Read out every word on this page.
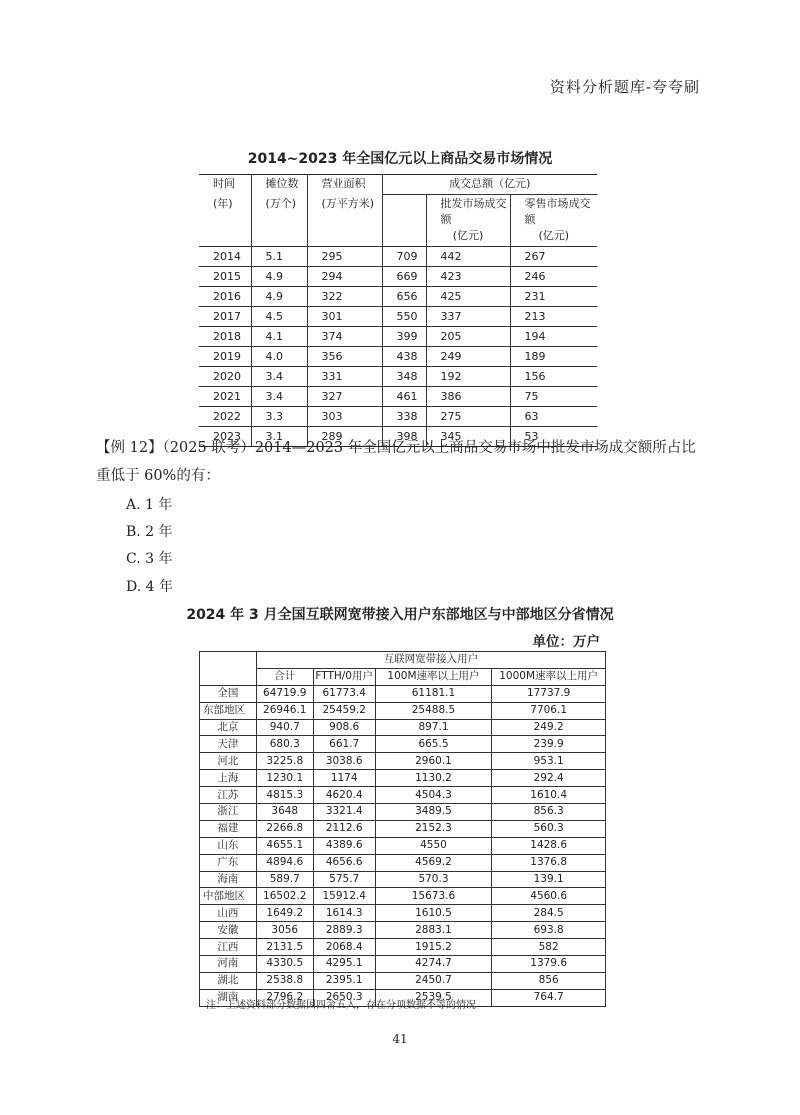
资料分析题库-夸夸刷
2014~2023 年全国亿元以上商品交易市场情况
时间	摊位数	营业面积	成交总额（亿元)		
(年)	(万个)	(万平方米)		批发市场成交额	零售市场成交额
				(亿元)	(亿元)
2014	5.1	295	709	442	267
2015	4.9	294	669	423	246
2016	4.9	322	656	425	231
2017	4.5	301	550	337	213
2018	4.1	374	399	205	194
2019	4.0	356	438	249	189
2020	3.4	331	348	192	156
2021	3.4	327	461	386	75
2022	3.3	303	338	275	63
2023	3.1	289	398	345	53
【例 12】（2025 联考）2014—2023 年全国亿元以上商品交易市场中批发市场成交额所占比重低于 60%的有：
A. 1 年
B. 2 年
C. 3 年
D. 4 年
2024 年 3 月全国互联网宽带接入用户东部地区与中部地区分省情况
单位：万户
	互联网宽带接入用户			
	合计	FTTH/0用户	100M速率以上用户	1000M速率以上用户
全国	64719.9	61773.4	61181.1	17737.9
东部地区	26946.1	25459.2	25488.5	7706.1
北京	940.7	908.6	897.1	249.2
天津	680.3	661.7	665.5	239.9
河北	3225.8	3038.6	2960.1	953.1
上海	1230.1	1174	1130.2	292.4
江苏	4815.3	4620.4	4504.3	1610.4
浙江	3648	3321.4	3489.5	856.3
福建	2266.8	2112.6	2152.3	560.3
山东	4655.1	4389.6	4550	1428.6
广东	4894.6	4656.6	4569.2	1376.8
海南	589.7	575.7	570.3	139.1
中部地区	16502.2	15912.4	15673.6	4560.6
山西	1649.2	1614.3	1610.5	284.5
安徽	3056	2889.3	2883.1	693.8
江西	2131.5	2068.4	1915.2	582
河南	4330.5	4295.1	4274.7	1379.6
湖北	2538.8	2395.1	2450.7	856
湖南	2796.2	2650.3	2539.5	764.7
注：上述资料部分数据因四舍五入，存在分项数据不等的情况
41
